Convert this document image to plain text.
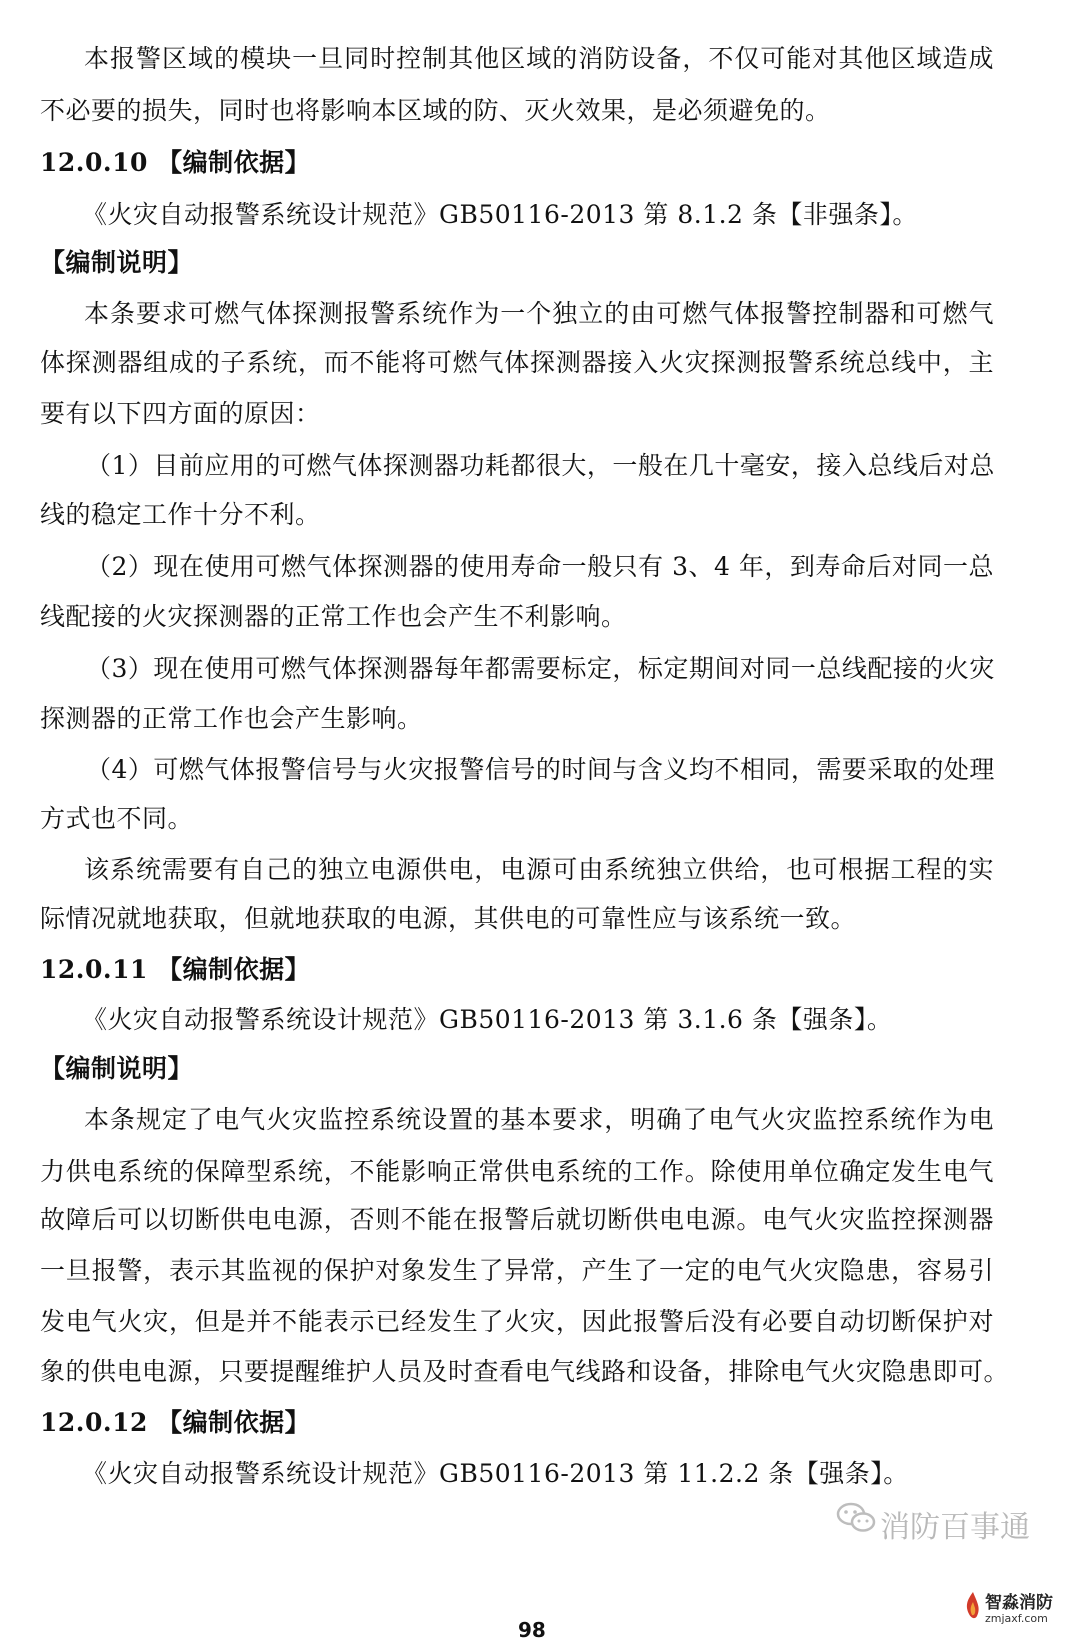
本报警区域的模块一旦同时控制其他区域的消防设备，不仅可能对其他区域造成
不必要的损失，同时也将影响本区域的防、灭火效果，是必须避免的。
12.0.10 【编制依据】
《火灾自动报警系统设计规范》GB50116-2013 第 8.1.2 条【非强条】。
【编制说明】
本条要求可燃气体探测报警系统作为一个独立的由可燃气体报警控制器和可燃气
体探测器组成的子系统，而不能将可燃气体探测器接入火灾探测报警系统总线中，主
要有以下四方面的原因：
（1）目前应用的可燃气体探测器功耗都很大，一般在几十毫安，接入总线后对总
线的稳定工作十分不利。
（2）现在使用可燃气体探测器的使用寿命一般只有 3、4 年，到寿命后对同一总
线配接的火灾探测器的正常工作也会产生不利影响。
（3）现在使用可燃气体探测器每年都需要标定，标定期间对同一总线配接的火灾
探测器的正常工作也会产生影响。
（4）可燃气体报警信号与火灾报警信号的时间与含义均不相同，需要采取的处理
方式也不同。
该系统需要有自己的独立电源供电，电源可由系统独立供给，也可根据工程的实
际情况就地获取，但就地获取的电源，其供电的可靠性应与该系统一致。
12.0.11 【编制依据】
《火灾自动报警系统设计规范》GB50116-2013 第 3.1.6 条【强条】。
【编制说明】
本条规定了电气火灾监控系统设置的基本要求，明确了电气火灾监控系统作为电
力供电系统的保障型系统，不能影响正常供电系统的工作。除使用单位确定发生电气
故障后可以切断供电电源，否则不能在报警后就切断供电电源。电气火灾监控探测器
一旦报警，表示其监视的保护对象发生了异常，产生了一定的电气火灾隐患，容易引
发电气火灾，但是并不能表示已经发生了火灾，因此报警后没有必要自动切断保护对
象的供电电源，只要提醒维护人员及时查看电气线路和设备，排除电气火灾隐患即可。
12.0.12 【编制依据】
《火灾自动报警系统设计规范》GB50116-2013 第 11.2.2 条【强条】。
消防百事通
98
智淼消防
zmjaxf.com
